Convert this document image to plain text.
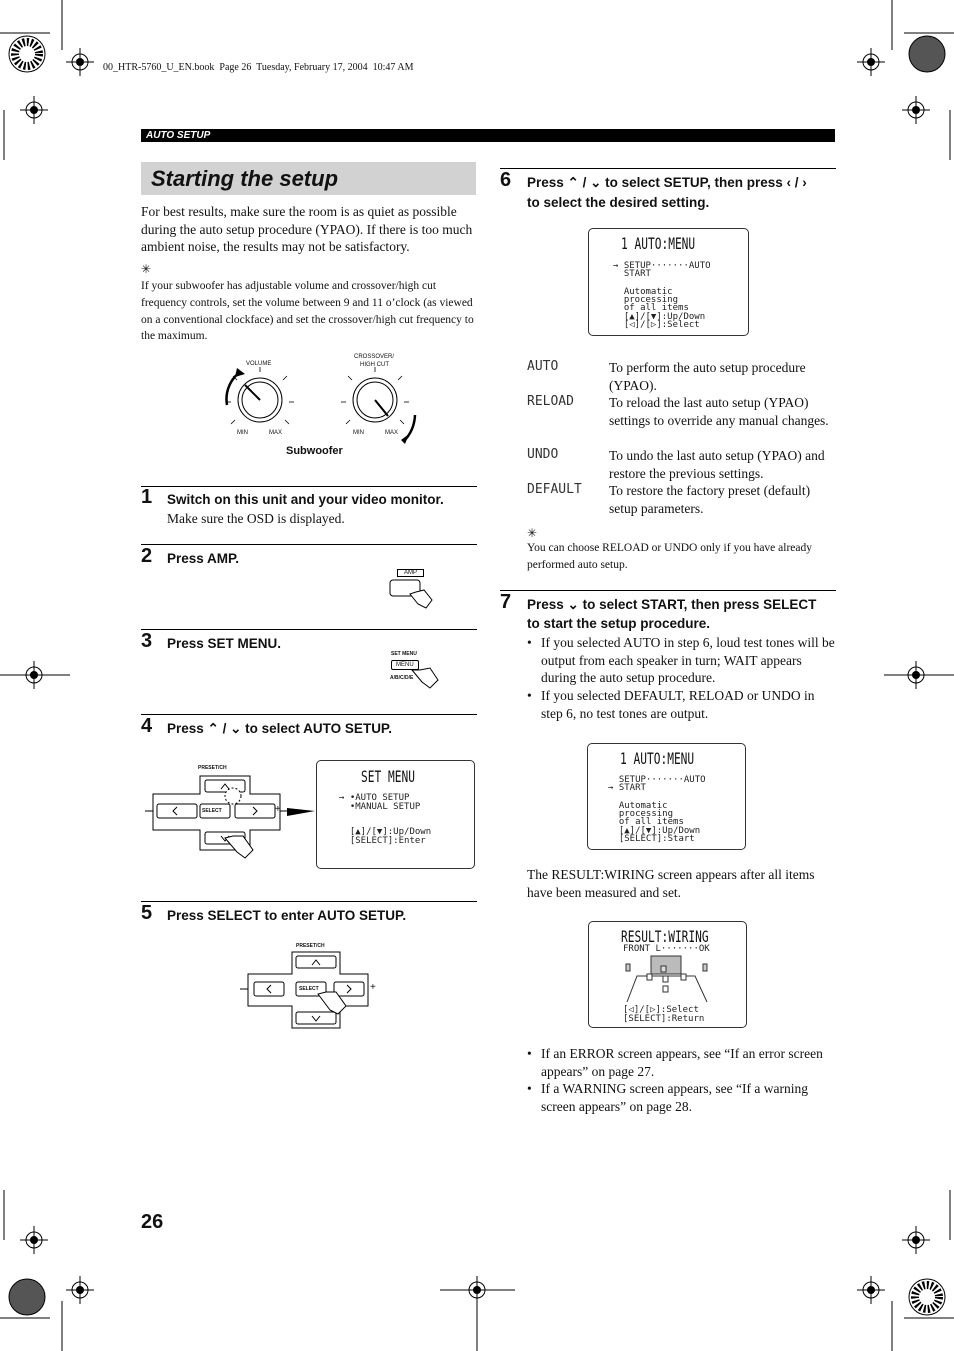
00_HTR-5760_U_EN.book  Page 26  Tuesday, February 17, 2004  10:47 AM
AUTO SETUP
Starting the setup
For best results, make sure the room is as quiet as possible during the auto setup procedure (YPAO). If there is too much ambient noise, the results may not be satisfactory.
✳
If your subwoofer has adjustable volume and crossover/high cut frequency controls, set the volume between 9 and 11 o’clock (as viewed on a conventional clockface) and set the crossover/high cut frequency to the maximum.
VOLUME
CROSSOVER/
HIGH CUT
MIN	MAX	MIN	MAX
Subwoofer
1 Switch on this unit and your video monitor.
Make sure the OSD is displayed.
2 Press AMP.
AMP
3 Press SET MENU.
SET MENU
MENU
A/B/C/D/E
4 Press ⌃ / ⌄ to select AUTO SETUP.
PRESET/CH
SELECT	+
SET MENU
→ •AUTO SETUP
•MANUAL SETUP
[▲]/[▼]:Up/Down
[SELECT]:Enter
5 Press SELECT to enter AUTO SETUP.
PRESET/CH
SELECT	+
6 Press ⌃ / ⌄ to select SETUP, then press ‹ / ›
to select the desired setting.
1 AUTO:MENU
→ SETUP·······AUTO
START
Automatic
processing
of all items
[▲]/[▼]:Up/Down
[◁]/[▷]:Select
AUTO	To perform the auto setup procedure (YPAO).
RELOAD	To reload the last auto setup (YPAO) settings to override any manual changes.
UNDO	To undo the last auto setup (YPAO) and restore the previous settings.
DEFAULT To restore the factory preset (default) setup parameters.
✳
You can choose RELOAD or UNDO only if you have already performed auto setup.
7 Press ⌄ to select START, then press SELECT
to start the setup procedure.
• If you selected AUTO in step 6, loud test tones will be output from each speaker in turn; WAIT appears during the auto setup procedure.
• If you selected DEFAULT, RELOAD or UNDO in step 6, no test tones are output.
1 AUTO:MENU
SETUP·······AUTO
→ START
Automatic
processing
of all items
[▲]/[▼]:Up/Down
[SELECT]:Start
The RESULT:WIRING screen appears after all items have been measured and set.
RESULT:WIRING
FRONT L·······OK
[◁]/[▷]:Select
[SELECT]:Return
• If an ERROR screen appears, see “If an error screen appears” on page 27.
• If a WARNING screen appears, see “If a warning screen appears” on page 28.
26
